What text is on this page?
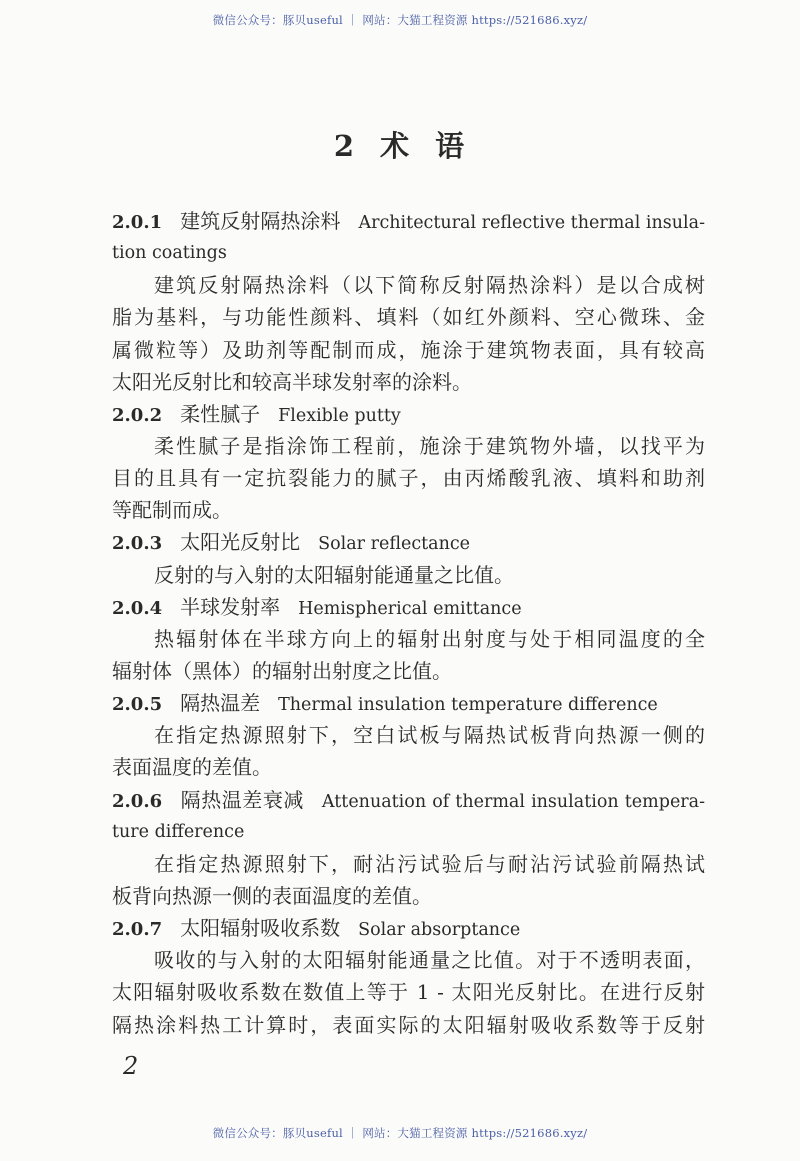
微信公众号：豚贝useful ｜ 网站：大猫工程资源 https://521686.xyz/
2 术 语
2.0.1 建筑反射隔热涂料 Architectural reflective thermal insula-
tion coatings
建筑反射隔热涂料（以下简称反射隔热涂料）是以合成树
脂为基料，与功能性颜料、填料（如红外颜料、空心微珠、金
属微粒等）及助剂等配制而成，施涂于建筑物表面，具有较高
太阳光反射比和较高半球发射率的涂料。
2.0.2 柔性腻子 Flexible putty
柔性腻子是指涂饰工程前，施涂于建筑物外墙，以找平为
目的且具有一定抗裂能力的腻子，由丙烯酸乳液、填料和助剂
等配制而成。
2.0.3 太阳光反射比 Solar reflectance
反射的与入射的太阳辐射能通量之比值。
2.0.4 半球发射率 Hemispherical emittance
热辐射体在半球方向上的辐射出射度与处于相同温度的全
辐射体（黑体）的辐射出射度之比值。
2.0.5 隔热温差 Thermal insulation temperature difference
在指定热源照射下，空白试板与隔热试板背向热源一侧的
表面温度的差值。
2.0.6 隔热温差衰减 Attenuation of thermal insulation tempera-
ture difference
在指定热源照射下，耐沾污试验后与耐沾污试验前隔热试
板背向热源一侧的表面温度的差值。
2.0.7 太阳辐射吸收系数 Solar absorptance
吸收的与入射的太阳辐射能通量之比值。对于不透明表面，
太阳辐射吸收系数在数值上等于 1 - 太阳光反射比。在进行反射
隔热涂料热工计算时，表面实际的太阳辐射吸收系数等于反射
2
微信公众号：豚贝useful ｜ 网站：大猫工程资源 https://521686.xyz/
